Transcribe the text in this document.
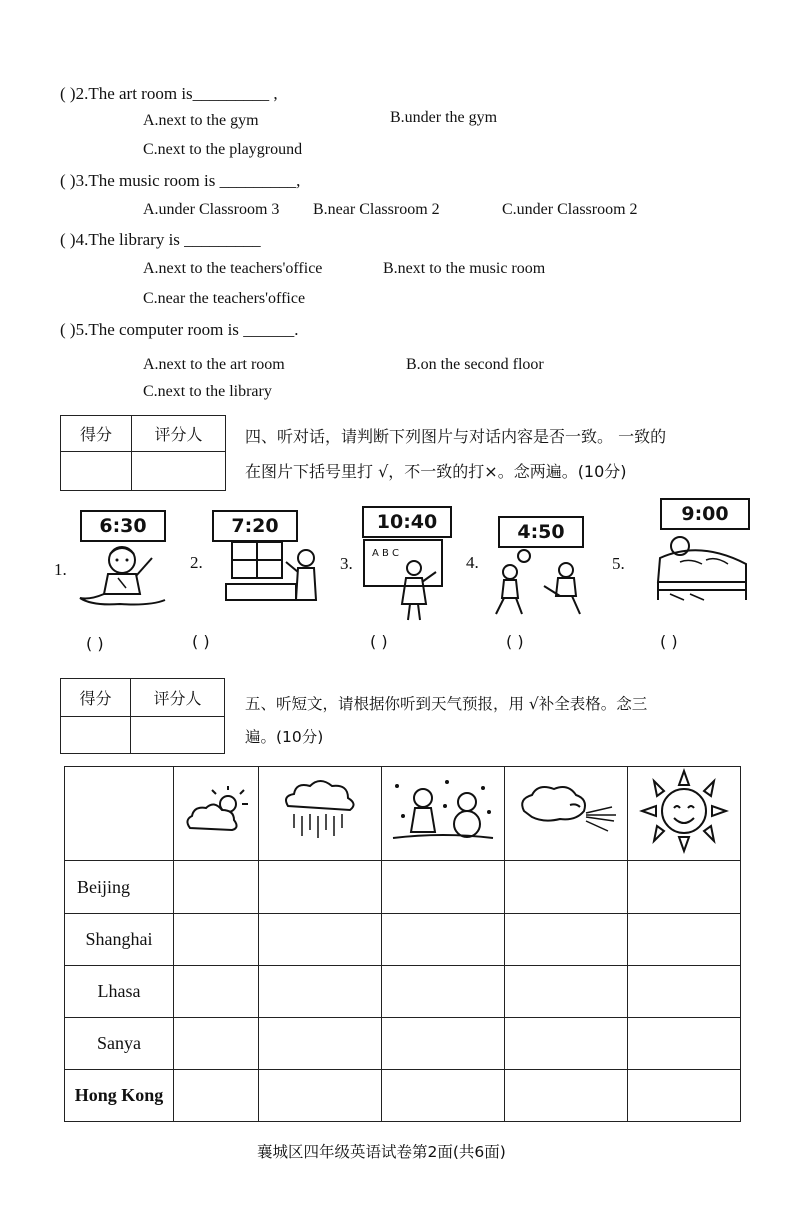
( )2.The art room is_________ ,
A.next to the gym	B.under the gym
C.next to the playground
( )3.The music room is _________,
A.under Classroom 3 B.near Classroom 2	C.under Classroom 2
( )4.The library is _________
A.next to the teachers'office	B.next to the music room
C.near the teachers'office
( )5.The computer room is ______.
A.next to the art room	B.on the second floor
C.next to the library
得分	评分人
		四、听对话，请判断下列图片与对话内容是否一致。 一致的
在图片下括号里打 √，不一致的打×。念两遍。(10分)
1.
6:30
( )
2.
7:20
( )
3.
10:40
A B C
( )
4.
4:50
( )
5.
9:00
( )
得分	评分人
		五、听短文，请根据你听到天气预报，用 √补全表格。念三
遍。(10分)

Beijing					
Shanghai					
Lhasa					
Sanya					
Hong Kong					
襄城区四年级英语试卷第2面(共6面)
